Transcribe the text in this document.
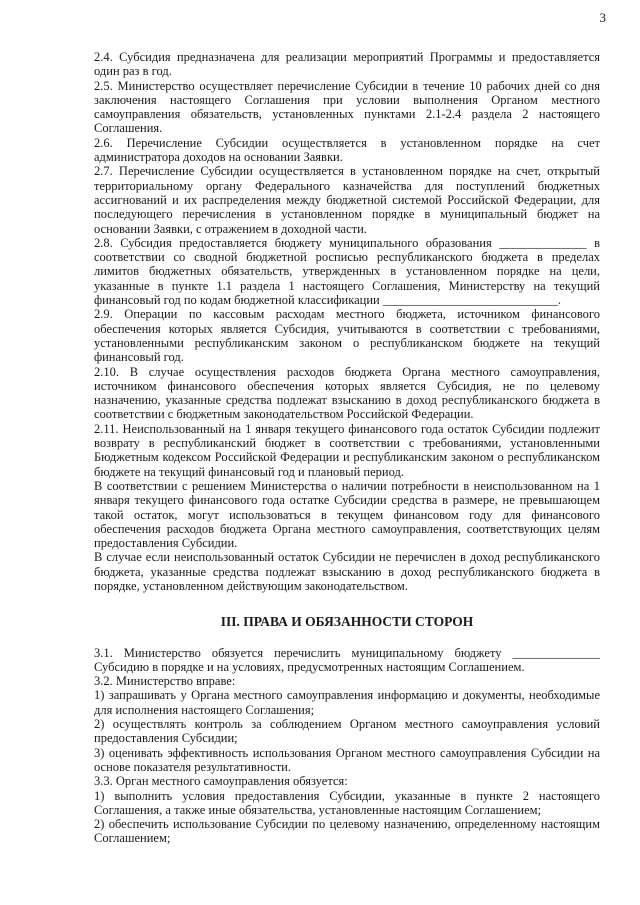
3

2.4. Субсидия предназначена для реализации мероприятий Программы и предоставляется один раз в год.

2.5. Министерство осуществляет перечисление Субсидии в течение 10 рабочих дней со дня заключения настоящего Соглашения при условии выполнения Органом местного самоуправления обязательств, установленных пунктами 2.1-2.4 раздела 2 настоящего Соглашения.

2.6. Перечисление Субсидии осуществляется в установленном порядке на счет администратора доходов на основании Заявки.

2.7. Перечисление Субсидии осуществляется в установленном порядке на счет, открытый территориальному органу Федерального казначейства для поступлений бюджетных ассигнований и их распределения между бюджетной системой Российской Федерации, для последующего перечисления в установленном порядке в муниципальный бюджет на основании Заявки, с отражением в доходной части.

2.8. Субсидия предоставляется бюджету муниципального образования ______________ в соответствии со сводной бюджетной росписью республиканского бюджета в пределах лимитов бюджетных обязательств, утвержденных в установленном порядке на цели, указанные в пункте 1.1 раздела 1 настоящего Соглашения, Министерству на текущий финансовый год по кодам бюджетной классификации ____________________________.

2.9. Операции по кассовым расходам местного бюджета, источником финансового обеспечения которых является Субсидия, учитываются в соответствии с требованиями, установленными республиканским законом о республиканском бюджете на текущий финансовый год.

2.10. В случае осуществления расходов бюджета Органа местного самоуправления, источником финансового обеспечения которых является Субсидия, не по целевому назначению, указанные средства подлежат взысканию в доход республиканского бюджета в соответствии с бюджетным законодательством Российской Федерации.

2.11. Неиспользованный на 1 января текущего финансового года остаток Субсидии подлежит возврату в республиканский бюджет в соответствии с требованиями, установленными Бюджетным кодексом Российской Федерации и республиканским законом о республиканском бюджете на текущий финансовый год и плановый период.

В соответствии с решением Министерства о наличии потребности в неиспользованном на 1 января текущего финансового года остатке Субсидии средства в размере, не превышающем такой остаток, могут использоваться в текущем финансовом году для финансового обеспечения расходов бюджета Органа местного самоуправления, соответствующих целям предоставления Субсидии.

В случае если неиспользованный остаток Субсидии не перечислен в доход республиканского бюджета, указанные средства подлежат взысканию в доход республиканского бюджета в порядке, установленном действующим законодательством.

III. ПРАВА И ОБЯЗАННОСТИ СТОРОН

3.1. Министерство обязуется перечислить муниципальному бюджету ______________ Субсидию в порядке и на условиях, предусмотренных настоящим Соглашением.

3.2. Министерство вправе:

1) запрашивать у Органа местного самоуправления информацию и документы, необходимые для исполнения настоящего Соглашения;

2) осуществлять контроль за соблюдением Органом местного самоуправления условий предоставления Субсидии;

3) оценивать эффективность использования Органом местного самоуправления Субсидии на основе показателя результативности.

3.3. Орган местного самоуправления обязуется:

1) выполнить условия предоставления Субсидии, указанные в пункте 2 настоящего Соглашения, а также иные обязательства, установленные настоящим Соглашением;

2) обеспечить использование Субсидии по целевому назначению, определенному настоящим Соглашением;
